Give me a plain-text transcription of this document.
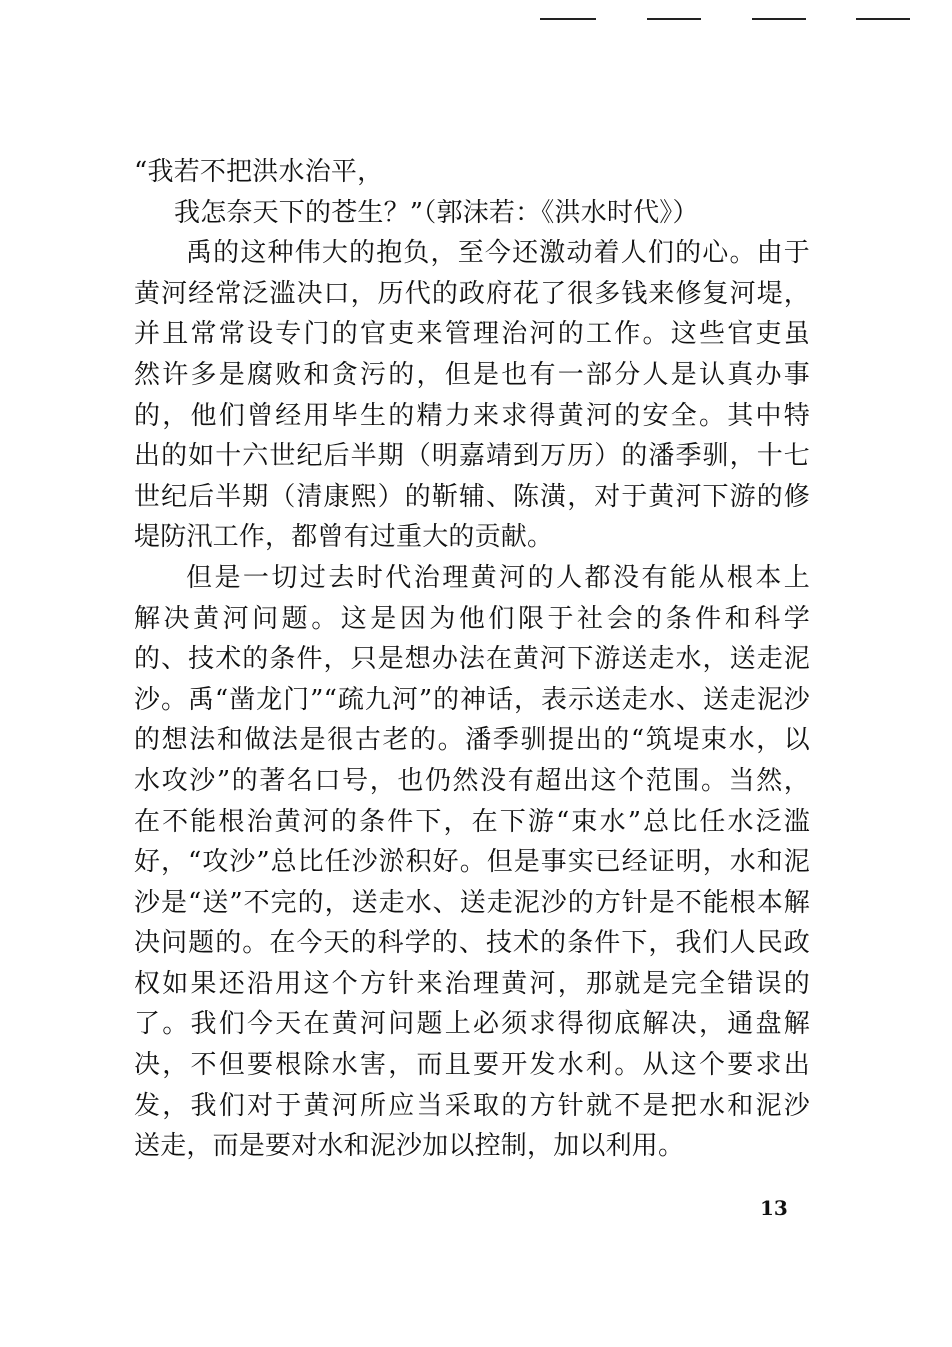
“我若不把洪水治平，
我怎奈天下的苍生？”（郭沫若：《洪水时代》）
禹的这种伟大的抱负，至今还激动着人们的心。由于
黄河经常泛滥决口，历代的政府花了很多钱来修复河堤，
并且常常设专门的官吏来管理治河的工作。这些官吏虽
然许多是腐败和贪污的，但是也有一部分人是认真办事
的，他们曾经用毕生的精力来求得黄河的安全。其中特
出的如十六世纪后半期（明嘉靖到万历）的潘季驯，十七
世纪后半期（清康熙）的靳辅、陈潢，对于黄河下游的修
堤防汛工作，都曾有过重大的贡献。
但是一切过去时代治理黄河的人都没有能从根本上
解决黄河问题。这是因为他们限于社会的条件和科学
的、技术的条件，只是想办法在黄河下游送走水，送走泥
沙。禹“凿龙门”“疏九河”的神话，表示送走水、送走泥沙
的想法和做法是很古老的。潘季驯提出的“筑堤束水，以
水攻沙”的著名口号，也仍然没有超出这个范围。当然，
在不能根治黄河的条件下，在下游“束水”总比任水泛滥
好，“攻沙”总比任沙淤积好。但是事实已经证明，水和泥
沙是“送”不完的，送走水、送走泥沙的方针是不能根本解
决问题的。在今天的科学的、技术的条件下，我们人民政
权如果还沿用这个方针来治理黄河，那就是完全错误的
了。我们今天在黄河问题上必须求得彻底解决，通盘解
决，不但要根除水害，而且要开发水利。从这个要求出
发，我们对于黄河所应当采取的方针就不是把水和泥沙
送走，而是要对水和泥沙加以控制，加以利用。
13
